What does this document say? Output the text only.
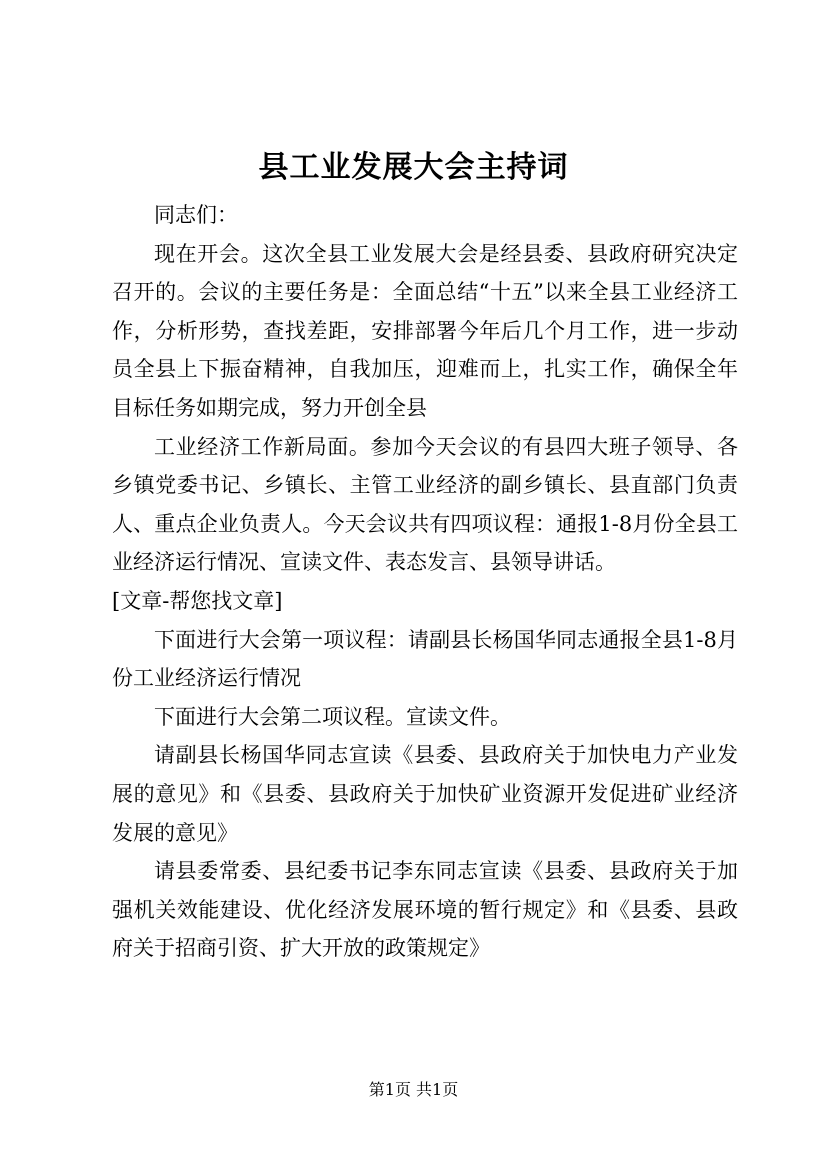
县工业发展大会主持词

同志们：

现在开会。这次全县工业发展大会是经县委、县政府研究决定召开的。会议的主要任务是：全面总结“十五”以来全县工业经济工作，分析形势，查找差距，安排部署今年后几个月工作，进一步动员全县上下振奋精神，自我加压，迎难而上，扎实工作，确保全年目标任务如期完成，努力开创全县

工业经济工作新局面。参加今天会议的有县四大班子领导、各乡镇党委书记、乡镇长、主管工业经济的副乡镇长、县直部门负责人、重点企业负责人。今天会议共有四项议程：通报1-8月份全县工业经济运行情况、宣读文件、表态发言、县领导讲话。

[文章-帮您找文章]

下面进行大会第一项议程：请副县长杨国华同志通报全县1-8月份工业经济运行情况

下面进行大会第二项议程。宣读文件。

请副县长杨国华同志宣读《县委、县政府关于加快电力产业发展的意见》和《县委、县政府关于加快矿业资源开发促进矿业经济发展的意见》

请县委常委、县纪委书记李东同志宣读《县委、县政府关于加强机关效能建设、优化经济发展环境的暂行规定》和《县委、县政府关于招商引资、扩大开放的政策规定》

第1页 共1页
